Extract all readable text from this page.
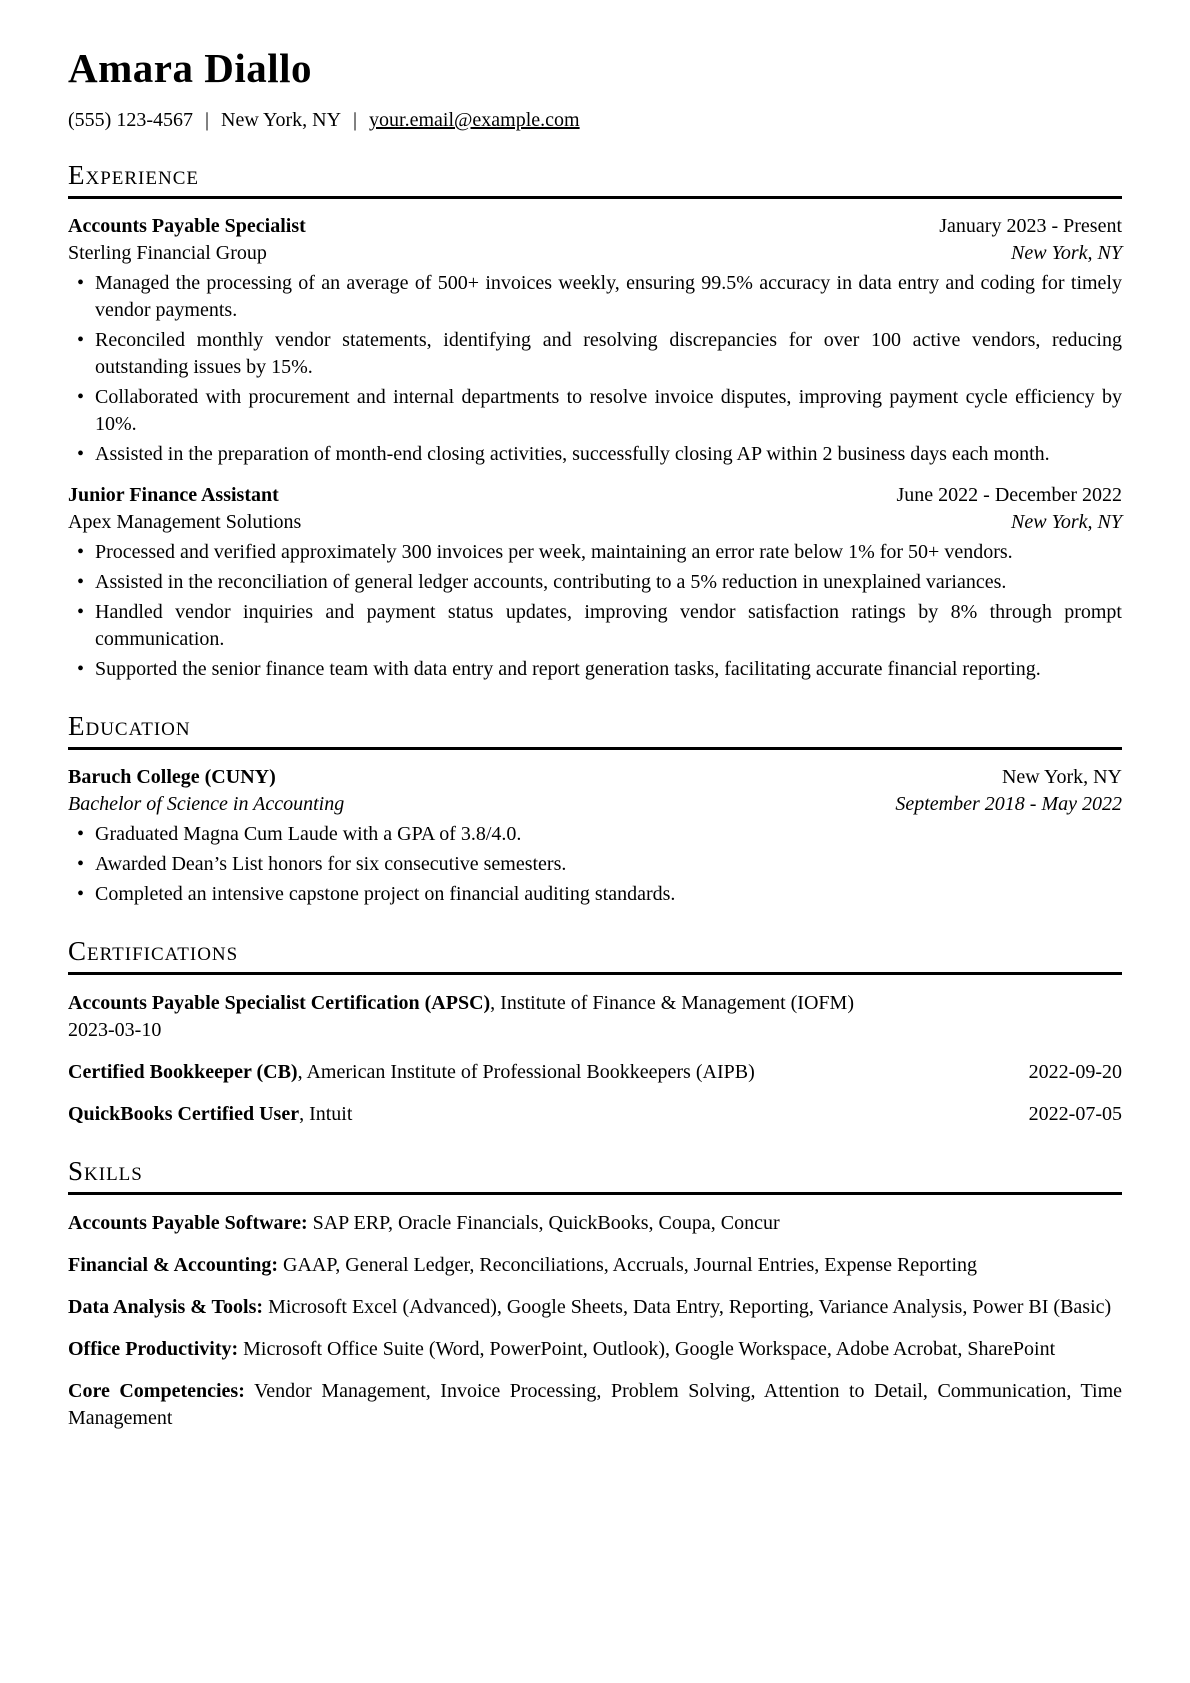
Amara Diallo
(555) 123-4567 | New York, NY | your.email@example.com
Experience
Accounts Payable Specialist	January 2023 - Present
Sterling Financial Group	New York, NY
• Managed the processing of an average of 500+ invoices weekly, ensuring 99.5% accuracy in data entry and coding for timely vendor payments.
• Reconciled monthly vendor statements, identifying and resolving discrepancies for over 100 active vendors, reducing outstanding issues by 15%.
• Collaborated with procurement and internal departments to resolve invoice disputes, improving payment cycle efficiency by 10%.
• Assisted in the preparation of month-end closing activities, successfully closing AP within 2 business days each month.
Junior Finance Assistant	June 2022 - December 2022
Apex Management Solutions	New York, NY
• Processed and verified approximately 300 invoices per week, maintaining an error rate below 1% for 50+ vendors.
• Assisted in the reconciliation of general ledger accounts, contributing to a 5% reduction in unexplained variances.
• Handled vendor inquiries and payment status updates, improving vendor satisfaction ratings by 8% through prompt communication.
• Supported the senior finance team with data entry and report generation tasks, facilitating accurate financial reporting.
Education
Baruch College (CUNY)	New York, NY
Bachelor of Science in Accounting	September 2018 - May 2022
• Graduated Magna Cum Laude with a GPA of 3.8/4.0.
• Awarded Dean’s List honors for six consecutive semesters.
• Completed an intensive capstone project on financial auditing standards.
Certifications
Accounts Payable Specialist Certification (APSC), Institute of Finance & Management (IOFM)
2023-03-10
Certified Bookkeeper (CB), American Institute of Professional Bookkeepers (AIPB)	2022-09-20
QuickBooks Certified User, Intuit	2022-07-05
Skills

Accounts Payable Software: SAP ERP, Oracle Financials, QuickBooks, Coupa, Concur

Financial & Accounting: GAAP, General Ledger, Reconciliations, Accruals, Journal Entries, Expense Reporting

Data Analysis & Tools: Microsoft Excel (Advanced), Google Sheets, Data Entry, Reporting, Variance Analysis, Power BI (Basic)

Office Productivity: Microsoft Office Suite (Word, PowerPoint, Outlook), Google Workspace, Adobe Acrobat, SharePoint

Core Competencies: Vendor Management, Invoice Processing, Problem Solving, Attention to Detail, Communication, Time Management
